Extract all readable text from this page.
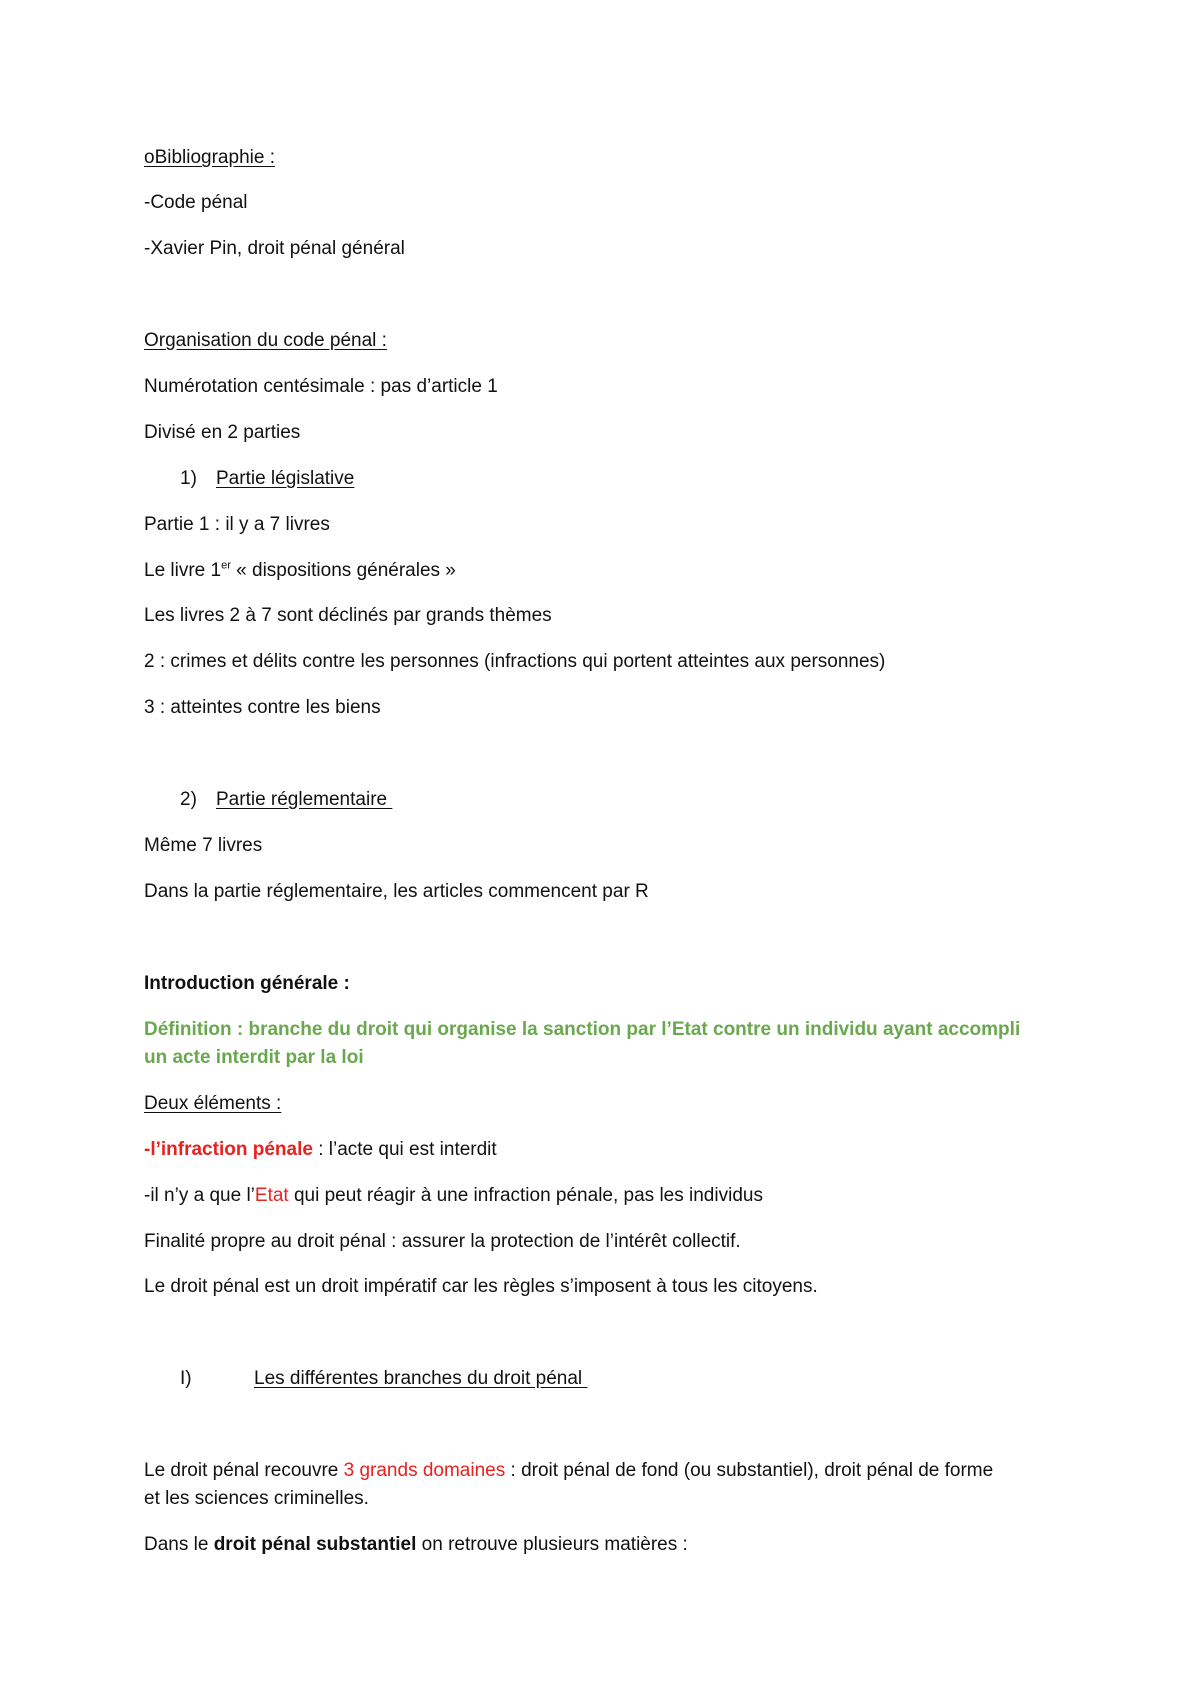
oBibliographie :
-Code pénal
-Xavier Pin, droit pénal général
Organisation du code pénal :
Numérotation centésimale : pas d’article 1
Divisé en 2 parties
1) Partie législative
Partie 1 : il y a 7 livres
Le livre 1er « dispositions générales »
Les livres 2 à 7 sont déclinés par grands thèmes
2 : crimes et délits contre les personnes (infractions qui portent atteintes aux personnes)
3 : atteintes contre les biens
2) Partie réglementaire
Même 7 livres
Dans la partie réglementaire, les articles commencent par R
Introduction générale :
Définition : branche du droit qui organise la sanction par l’Etat contre un individu ayant accompli
un acte interdit par la loi
Deux éléments :
-l’infraction pénale : l’acte qui est interdit
-il n’y a que l’Etat qui peut réagir à une infraction pénale, pas les individus
Finalité propre au droit pénal : assurer la protection de l’intérêt collectif.
Le droit pénal est un droit impératif car les règles s’imposent à tous les citoyens.
I)	Les différentes branches du droit pénal
Le droit pénal recouvre 3 grands domaines : droit pénal de fond (ou substantiel), droit pénal de forme
et les sciences criminelles.
Dans le droit pénal substantiel on retrouve plusieurs matières :
